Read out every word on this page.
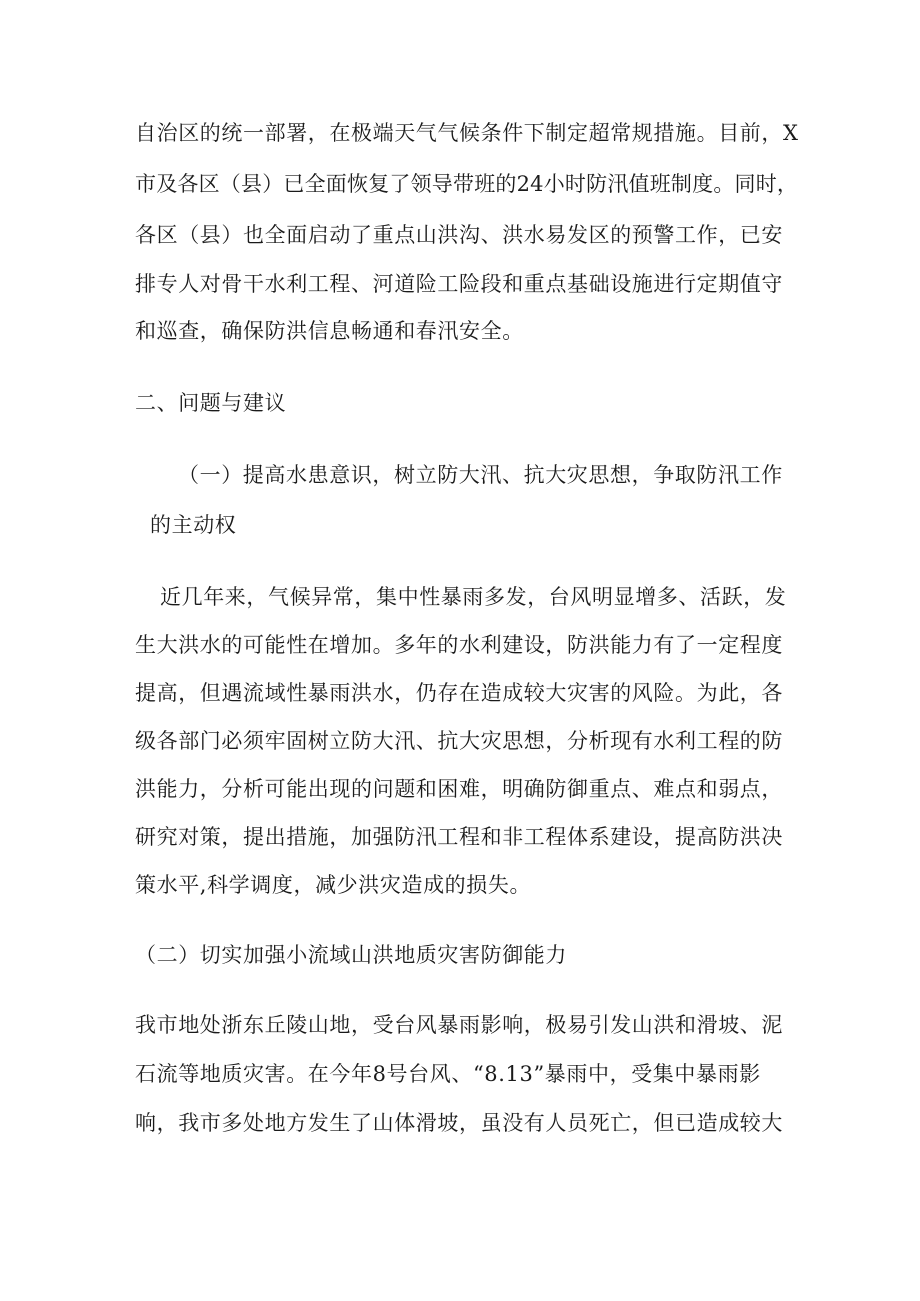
自治区的统一部署，在极端天气气候条件下制定超常规措施。目前，X
市及各区（县）已全面恢复了领导带班的24小时防汛值班制度。同时，
各区（县）也全面启动了重点山洪沟、洪水易发区的预警工作，已安
排专人对骨干水利工程、河道险工险段和重点基础设施进行定期值守
和巡查，确保防洪信息畅通和春汛安全。
二、问题与建议
（一）提高水患意识，树立防大汛、抗大灾思想，争取防汛工作
的主动权
近几年来，气候异常，集中性暴雨多发，台风明显增多、活跃，发
生大洪水的可能性在增加。多年的水利建设，防洪能力有了一定程度
提高，但遇流域性暴雨洪水，仍存在造成较大灾害的风险。为此，各
级各部门必须牢固树立防大汛、抗大灾思想，分析现有水利工程的防
洪能力，分析可能出现的问题和困难，明确防御重点、难点和弱点，
研究对策，提出措施，加强防汛工程和非工程体系建设，提高防洪决
策水平,科学调度，减少洪灾造成的损失。
（二）切实加强小流域山洪地质灾害防御能力
我市地处浙东丘陵山地，受台风暴雨影响，极易引发山洪和滑坡、泥
石流等地质灾害。在今年8号台风、“8.13”暴雨中，受集中暴雨影
响，我市多处地方发生了山体滑坡，虽没有人员死亡，但已造成较大
